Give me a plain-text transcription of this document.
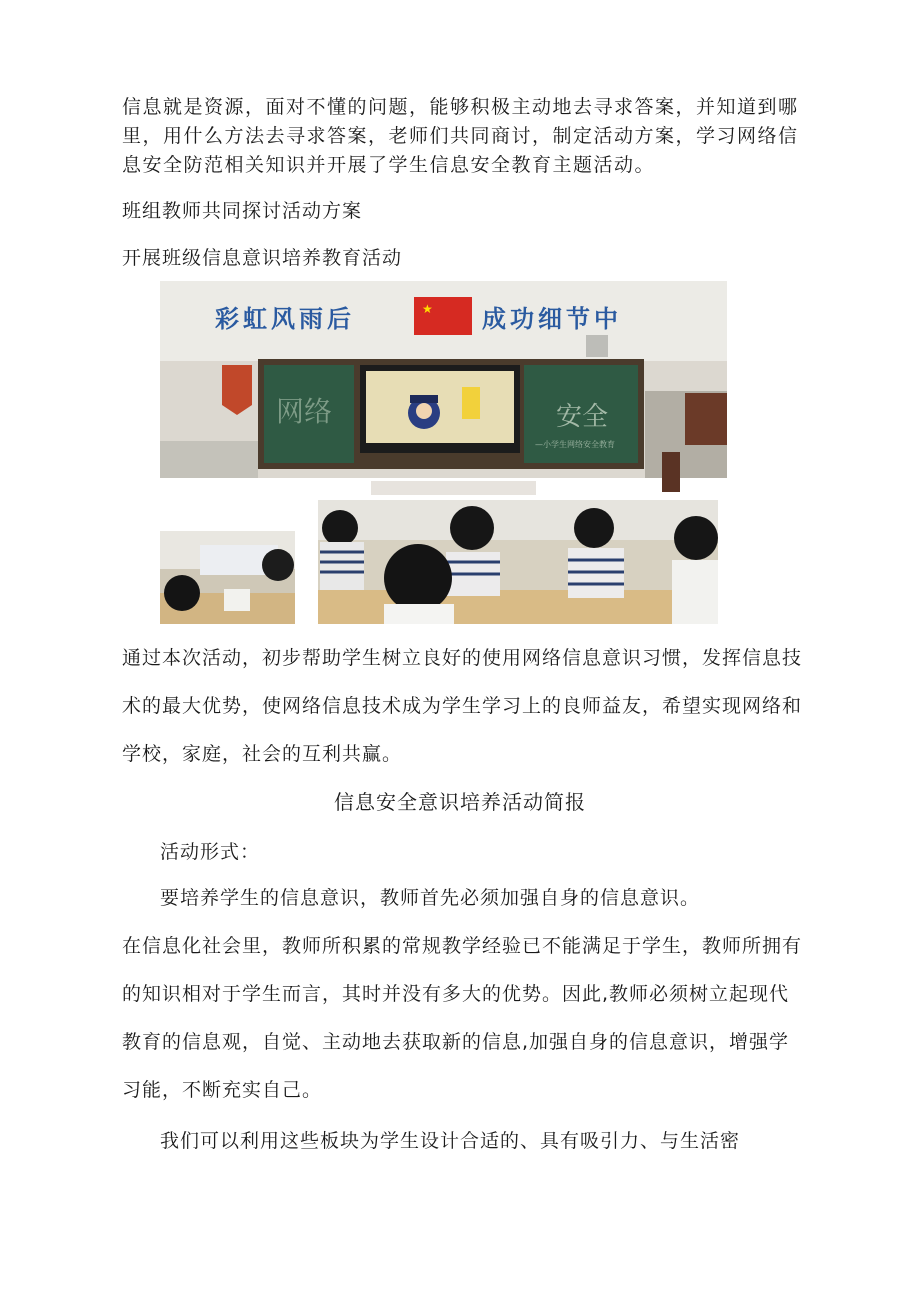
信息就是资源，面对不懂的问题，能够积极主动地去寻求答案，并知道到哪里，用什么方法去寻求答案，老师们共同商讨，制定活动方案，学习网络信息安全防范相关知识并开展了学生信息安全教育主题活动。

班组教师共同探讨活动方案

开展班级信息意识培养教育活动

彩虹风雨后	★ 成功细节中
网络	安全
—小学生网络安全教育

通过本次活动，初步帮助学生树立良好的使用网络信息意识习惯，发挥信息技术的最大优势，使网络信息技术成为学生学习上的良师益友，希望实现网络和学校，家庭，社会的互利共赢。

信息安全意识培养活动简报

活动形式：

要培养学生的信息意识，教师首先必须加强自身的信息意识。

在信息化社会里，教师所积累的常规教学经验已不能满足于学生，教师所拥有的知识相对于学生而言，其时并没有多大的优势。因此,教师必须树立起现代教育的信息观，自觉、主动地去获取新的信息,加强自身的信息意识，增强学习能，不断充实自己。

我们可以利用这些板块为学生设计合适的、具有吸引力、与生活密
